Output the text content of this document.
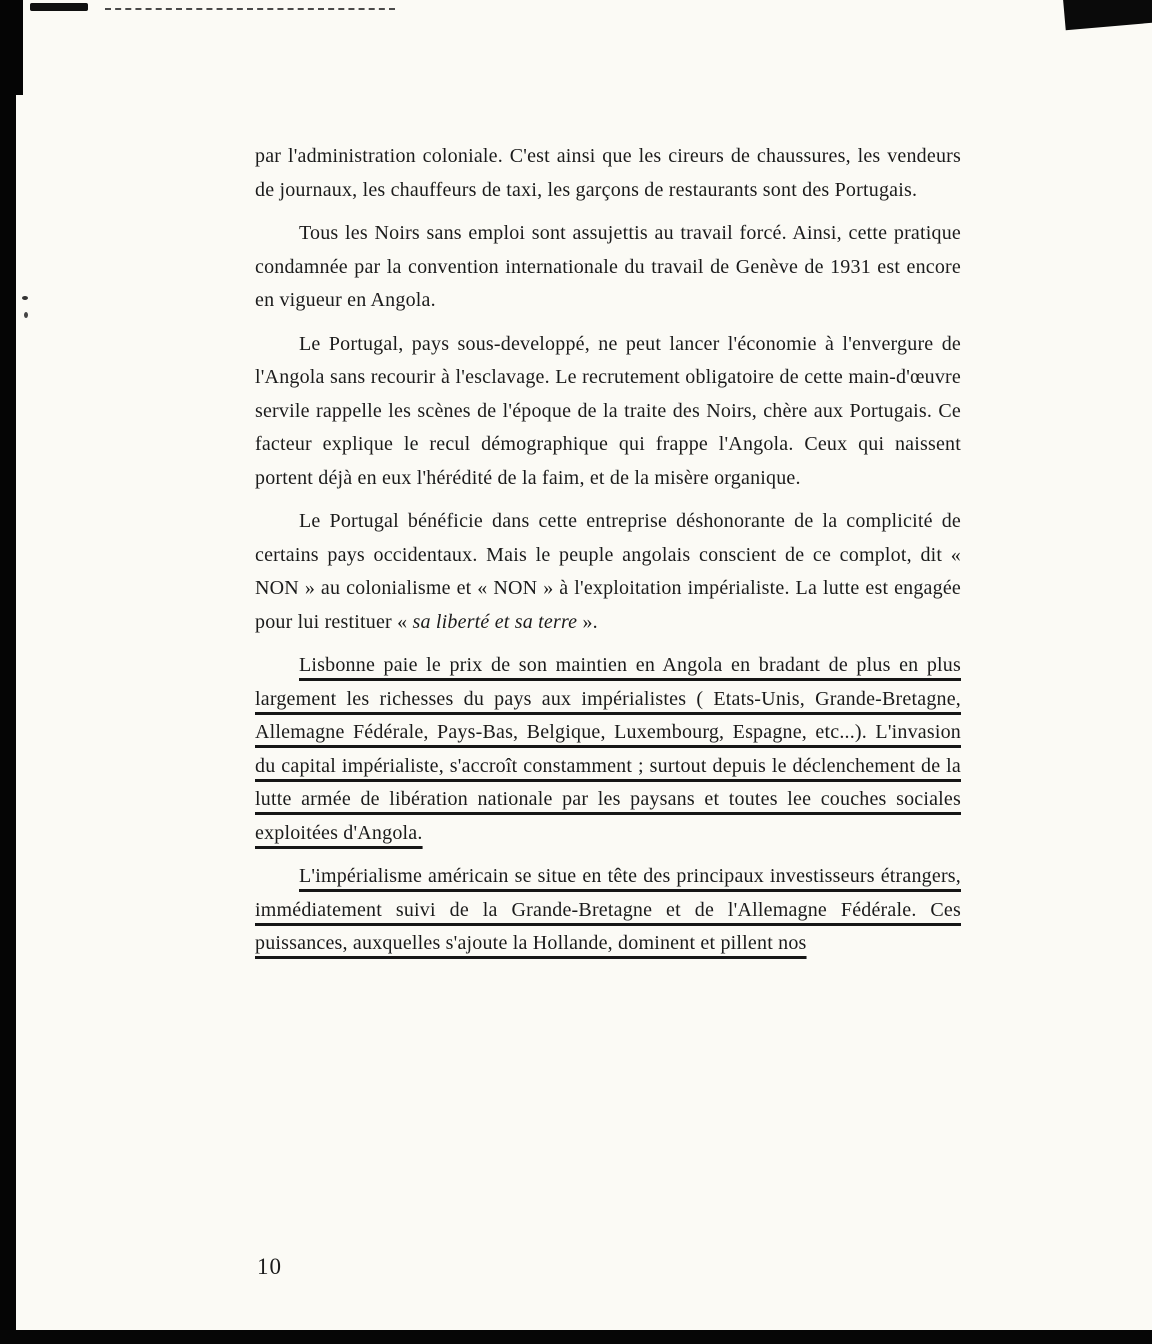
par l'administration coloniale. C'est ainsi que les cireurs de chaussures, les vendeurs de journaux, les chauffeurs de taxi, les garçons de restaurants sont des Portugais.

Tous les Noirs sans emploi sont assujettis au travail forcé. Ainsi, cette pratique condamnée par la convention internationale du travail de Genève de 1931 est encore en vigueur en Angola.

Le Portugal, pays sous-developpé, ne peut lancer l'économie à l'envergure de l'Angola sans recourir à l'esclavage. Le recrutement obligatoire de cette main-d'œuvre servile rappelle les scènes de l'époque de la traite des Noirs, chère aux Portugais. Ce facteur explique le recul démographique qui frappe l'Angola. Ceux qui naissent portent déjà en eux l'hérédité de la faim, et de la misère organique.

Le Portugal bénéficie dans cette entreprise déshonorante de la complicité de certains pays occidentaux. Mais le peuple angolais conscient de ce complot, dit « NON » au colonialisme et « NON » à l'exploitation impérialiste. La lutte est engagée pour lui restituer « sa liberté et sa terre ».

Lisbonne paie le prix de son maintien en Angola en bradant de plus en plus largement les richesses du pays aux impérialistes ( Etats-Unis, Grande-Bretagne, Allemagne Fédérale, Pays-Bas, Belgique, Luxembourg, Espagne, etc...). L'invasion du capital impérialiste, s'accroît constamment ; surtout depuis le déclenchement de la lutte armée de libération nationale par les paysans et toutes lee couches sociales exploitées d'Angola.

L'impérialisme américain se situe en tête des principaux investisseurs étrangers, immédiatement suivi de la Grande-Bretagne et de l'Allemagne Fédérale. Ces puissances, auxquelles s'ajoute la Hollande, dominent et pillent nos

10
